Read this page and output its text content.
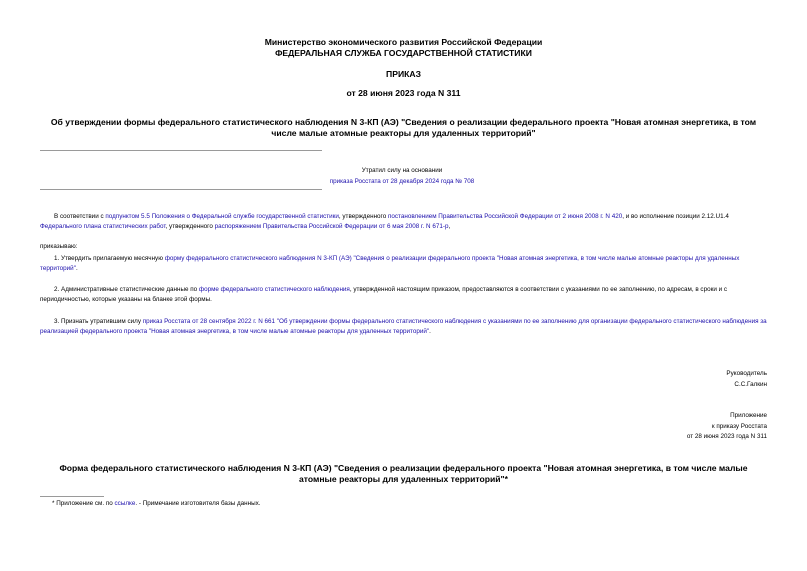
Министерство экономического развития Российской Федерации
ФЕДЕРАЛЬНАЯ СЛУЖБА ГОСУДАРСТВЕННОЙ СТАТИСТИКИ
ПРИКАЗ
от 28 июня 2023 года N 311
Об утверждении формы федерального статистического наблюдения N 3-КП (АЭ) "Сведения о реализации федерального проекта "Новая атомная энергетика, в том числе малые атомные реакторы для удаленных территорий"
Утратил силу на основании
приказа Росстата от 28 декабря 2024 года № 708
В соответствии с подпунктом 5.5 Положения о Федеральной службе государственной статистики, утвержденного постановлением Правительства Российской Федерации от 2 июня 2008 г. N 420, и во исполнение позиции 2.12.U1.4 Федерального плана статистических работ, утвержденного распоряжением Правительства Российской Федерации от 6 мая 2008 г. N 671-р,
приказываю:
1. Утвердить прилагаемую месячную форму федерального статистического наблюдения N 3-КП (АЭ) "Сведения о реализации федерального проекта "Новая атомная энергетика, в том числе малые атомные реакторы для удаленных территорий".
2. Административные статистические данные по форме федерального статистического наблюдения, утвержденной настоящим приказом, предоставляются в соответствии с указаниями по ее заполнению, по адресам, в сроки и с периодичностью, которые указаны на бланке этой формы.
3. Признать утратившим силу приказ Росстата от 28 сентября 2022 г. N 661 "Об утверждении формы федерального статистического наблюдения с указаниями по ее заполнению для организации федерального статистического наблюдения за реализацией федерального проекта "Новая атомная энергетика, в том числе малые атомные реакторы для удаленных территорий".
Руководитель
С.С.Галкин
Приложение
к приказу Росстата
от 28 июня 2023 года N 311
Форма федерального статистического наблюдения N 3-КП (АЭ) "Сведения о реализации федерального проекта "Новая атомная энергетика, в том числе малые атомные реакторы для удаленных территорий"*
* Приложение см. по ссылке. - Примечание изготовителя базы данных.
